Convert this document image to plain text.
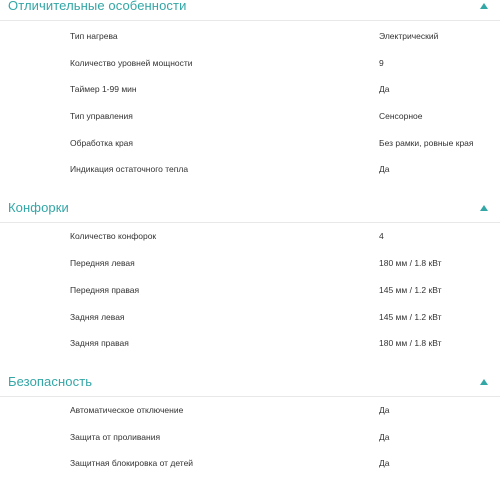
Отличительные особенности
Тип нагрева	Электрический
Количество уровней мощности	9
Таймер 1-99 мин	Да
Тип управления	Сенсорное
Обработка края	Без рамки, ровные края
Индикация остаточного тепла	Да
Конфорки
Количество конфорок	4
Передняя левая	180 мм / 1.8 кВт
Передняя правая	145 мм / 1.2 кВт
Задняя левая	145 мм / 1.2 кВт
Задняя правая	180 мм / 1.8 кВт
Безопасность
Автоматическое отключение	Да
Защита от проливания	Да
Защитная блокировка от детей	Да
